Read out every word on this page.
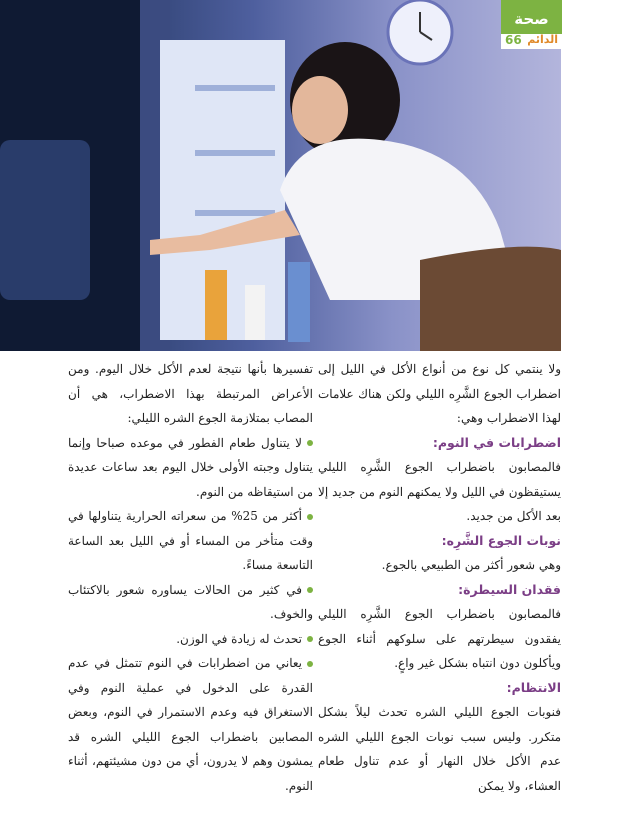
صحة
الدائم
66

ولا ينتمي كل نوع من أنواع الأكل في الليل إلى اضطراب الجوع الشَّرِه الليلي ولكن هناك علامات لهذا الاضطراب وهي:

اضطرابات في النوم:

فالمصابون باضطراب الجوع الشَّرِه الليلي يستيقظون في الليل ولا يمكنهم النوم من جديد إلا بعد الأكل من جديد.

نوبات الجوع الشَّرِه:

وهي شعور أكثر من الطبيعي بالجوع.

فقدان السيطرة:

فالمصابون باضطراب الجوع الشَّرِه الليلي يفقدون سيطرتهم على سلوكهم أثناء الجوع ويأكلون دون انتباه بشكل غير واعٍ.

الانتظام:

فنوبات الجوع الليلي الشره تحدث ليلاً بشكل متكرر. وليس سبب نوبات الجوع الليلي الشره عدم الأكل خلال النهار أو عدم تناول طعام العشاء، ولا يمكن

تفسيرها بأنها نتيجة لعدم الأكل خلال اليوم. ومن الأعراض المرتبطة بهذا الاضطراب، هي أن المصاب بمتلازمة الجوع الشره الليلي:

لا يتناول طعام الفطور في موعده صباحا وإنما يتناول وجبته الأولى خلال اليوم بعد ساعات عديدة من استيقاظه من النوم.

أكثر من 25% من سعراته الحرارية يتناولها في وقت متأخر من المساء أو في الليل بعد الساعة التاسعة مساءً.

في كثير من الحالات يساوره شعور بالاكتئاب والخوف.

تحدث له زيادة في الوزن.

يعاني من اضطرابات في النوم تتمثل في عدم القدرة على الدخول في عملية النوم وفي الاستغراق فيه وعدم الاستمرار في النوم، وبعض المصابين باضطراب الجوع الليلي الشره قد يمشون وهم لا يدرون، أي من دون مشيئتهم، أثناء النوم.
